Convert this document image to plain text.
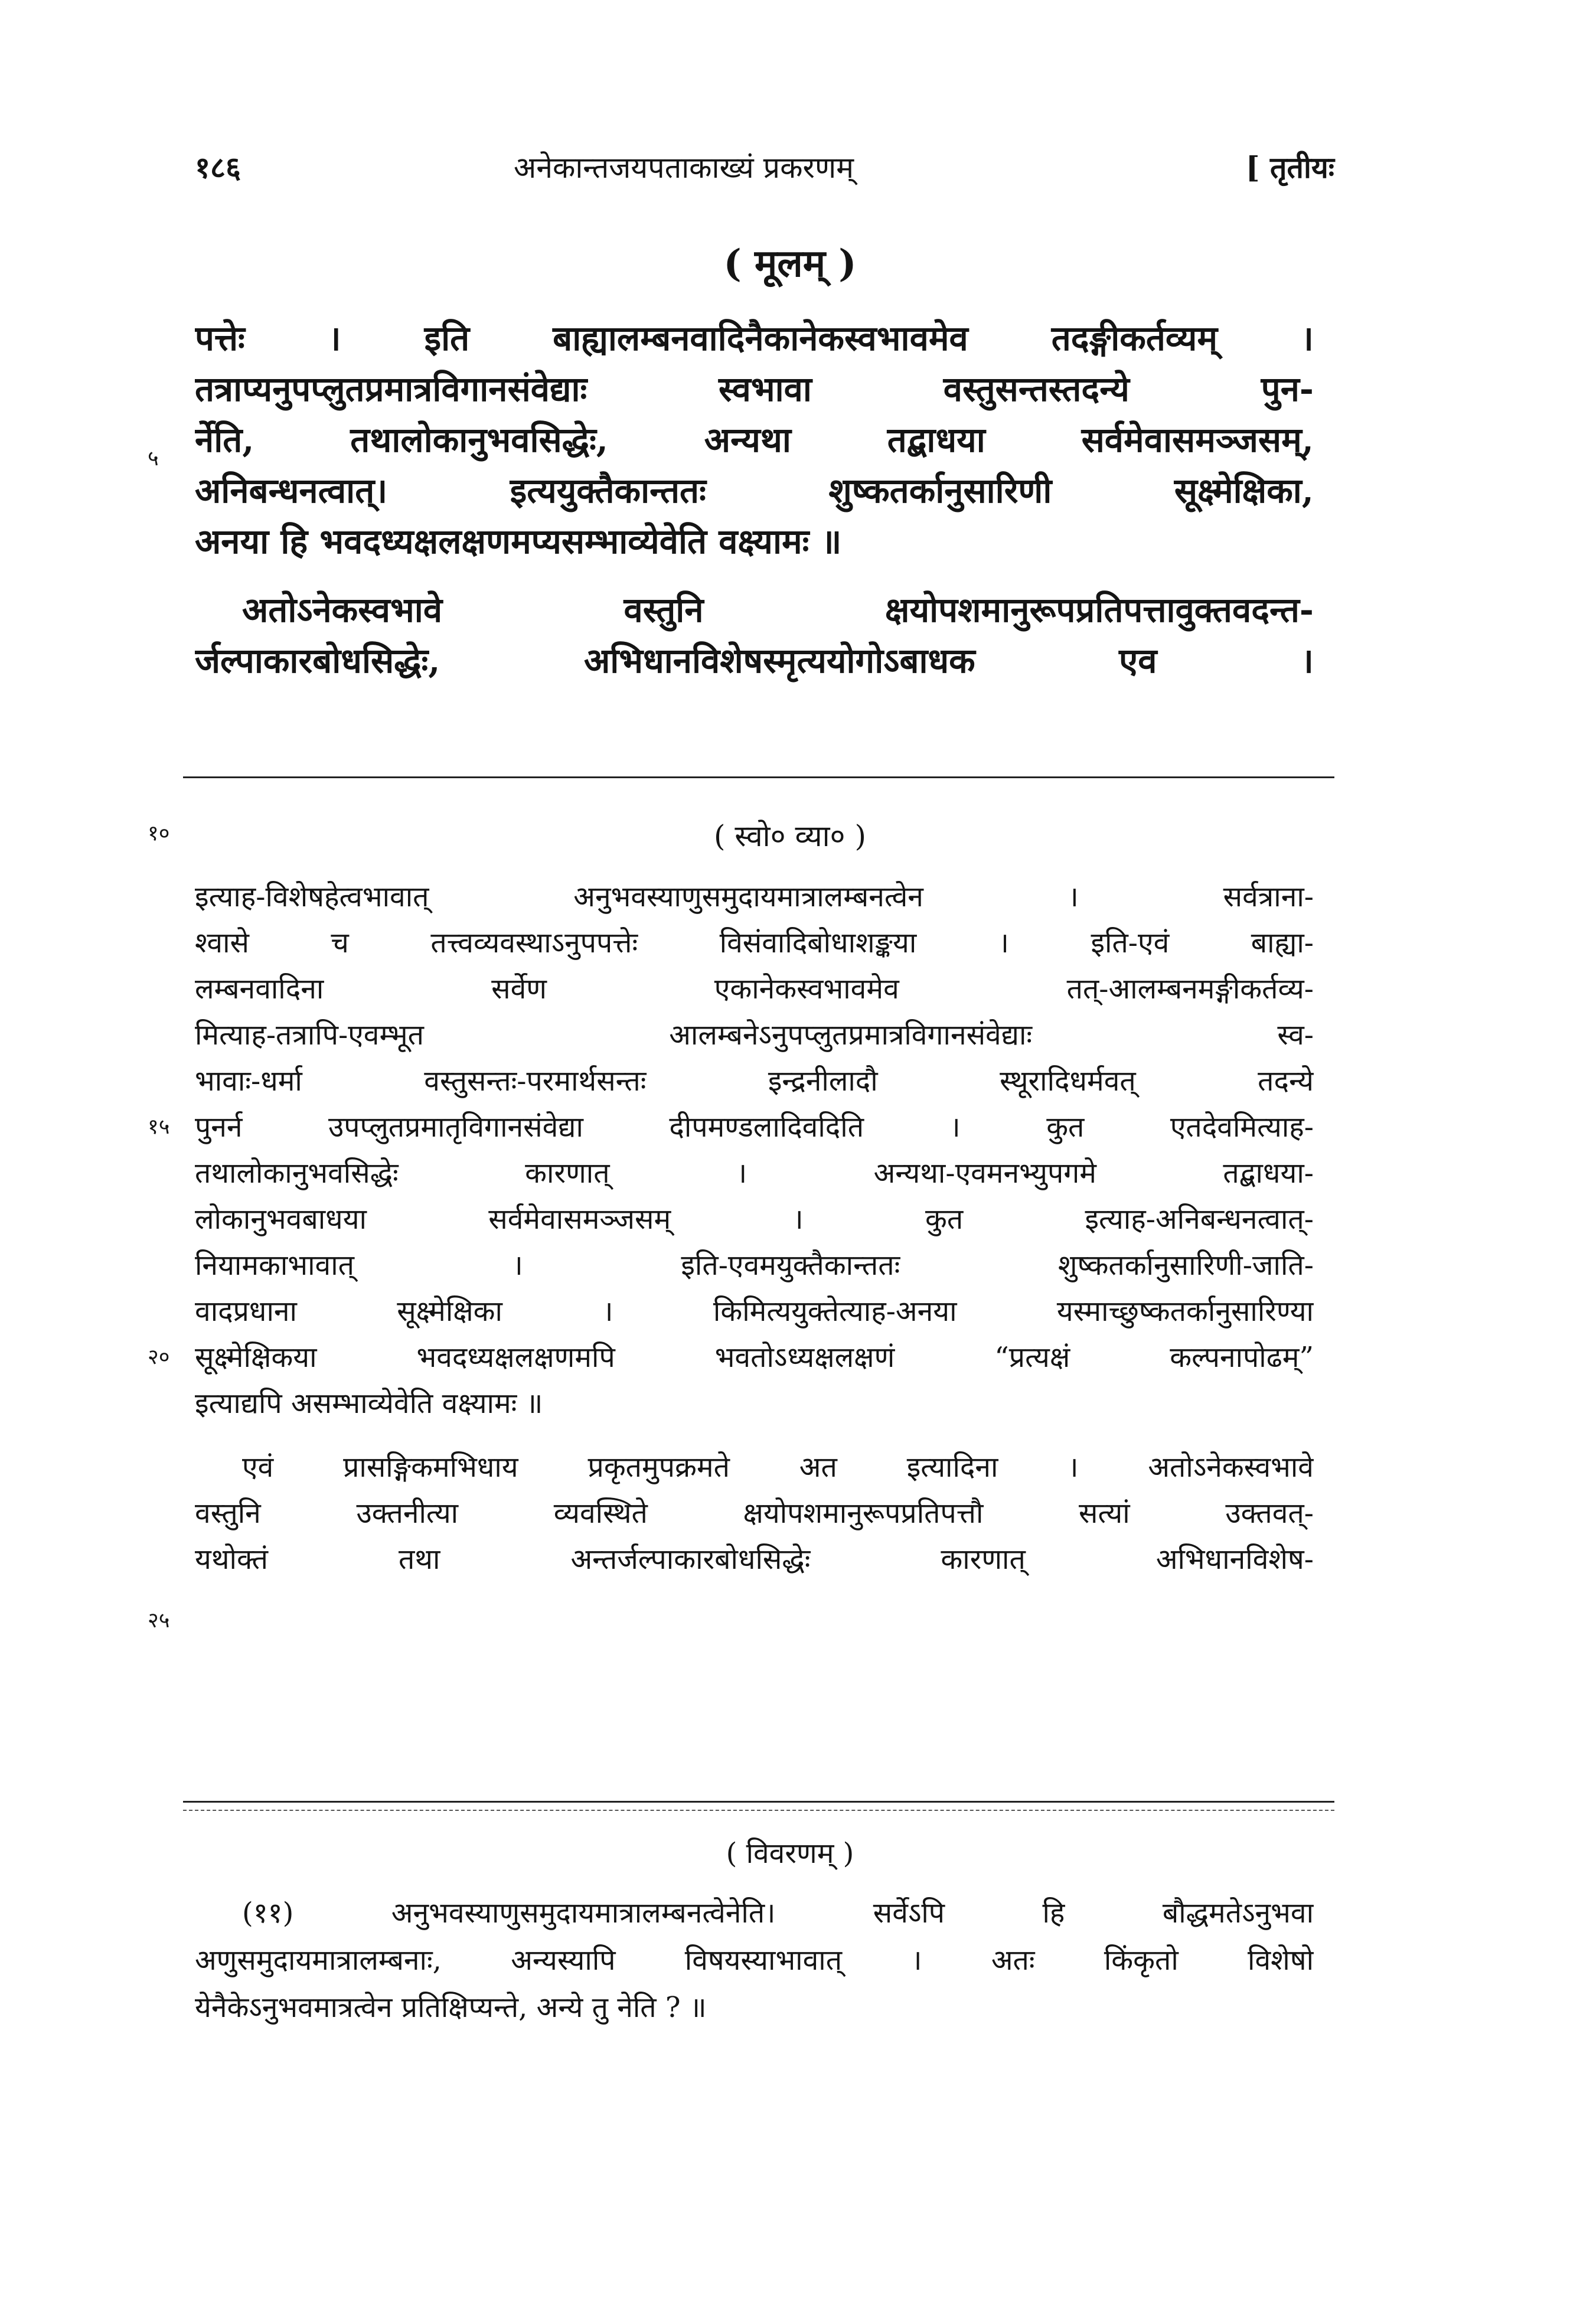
१८६	अनेकान्तजयपताकाख्यं प्रकरणम्	[ तृतीयः
( मूलम् )
पत्तेः । इति बाह्यालम्बनवादिनैकानेकस्वभावमेव तदङ्गीकर्तव्यम् ।
तत्राप्यनुपप्लुतप्रमात्रविगानसंवेद्याः स्वभावा वस्तुसन्तस्तदन्ये पुन-
र्नेति, तथालोकानुभवसिद्धेः, अन्यथा तद्बाधया सर्वमेवासमञ्जसम्,
अनिबन्धनत्वात्। इत्ययुक्तैकान्ततः शुष्कतर्कानुसारिणी सूक्ष्मेक्षिका,
अनया हि भवदध्यक्षलक्षणमप्यसम्भाव्येवेति वक्ष्यामः ॥
अतोऽनेकस्वभावे वस्तुनि क्षयोपशमानुरूपप्रतिपत्तावुक्तवदन्त-
र्जल्पाकारबोधसिद्धेः, अभिधानविशेषस्मृत्ययोगोऽबाधक एव ।
५
१०	( स्वो० व्या० )
इत्याह-विशेषहेत्वभावात् अनुभवस्याणुसमुदायमात्रालम्बनत्वेन । सर्वत्राना-
श्वासे च तत्त्वव्यवस्थाऽनुपपत्तेः विसंवादिबोधाशङ्कया । इति-एवं बाह्या-
लम्बनवादिना सर्वेण एकानेकस्वभावमेव तत्-आलम्बनमङ्गीकर्तव्य-
मित्याह-तत्रापि-एवम्भूत आलम्बनेऽनुपप्लुतप्रमात्रविगानसंवेद्याः स्व-
भावाः-धर्मा वस्तुसन्तः-परमार्थसन्तः इन्द्रनीलादौ स्थूरादिधर्मवत् तदन्ये
पुनर्न उपप्लुतप्रमातृविगानसंवेद्या दीपमण्डलादिवदिति । कुत एतदेवमित्याह-
तथालोकानुभवसिद्धेः कारणात् । अन्यथा-एवमनभ्युपगमे तद्बाधया-
लोकानुभवबाधया सर्वमेवासमञ्जसम् । कुत इत्याह-अनिबन्धनत्वात्-
नियामकाभावात् । इति-एवमयुक्तैकान्ततः शुष्कतर्कानुसारिणी-जाति-
वादप्रधाना सूक्ष्मेक्षिका । किमित्ययुक्तेत्याह-अनया यस्माच्छुष्कतर्कानुसारिण्या
सूक्ष्मेक्षिकया भवदध्यक्षलक्षणमपि भवतोऽध्यक्षलक्षणं “प्रत्यक्षं कल्पनापोढम्”
इत्याद्यपि असम्भाव्येवेति वक्ष्यामः ॥
एवं प्रासङ्गिकमभिधाय प्रकृतमुपक्रमते अत इत्यादिना । अतोऽनेकस्वभावे
वस्तुनि उक्तनीत्या व्यवस्थिते क्षयोपशमानुरूपप्रतिपत्तौ सत्यां उक्तवत्-
यथोक्तं तथा अन्तर्जल्पाकारबोधसिद्धेः कारणात् अभिधानविशेष-
१५
२०
२५
( विवरणम् )
(११) अनुभवस्याणुसमुदायमात्रालम्बनत्वेनेति। सर्वेऽपि हि बौद्धमतेऽनुभवा
अणुसमुदायमात्रालम्बनाः, अन्यस्यापि विषयस्याभावात् । अतः किंकृतो विशेषो
येनैकेऽनुभवमात्रत्वेन प्रतिक्षिप्यन्ते, अन्ये तु नेति ? ॥
